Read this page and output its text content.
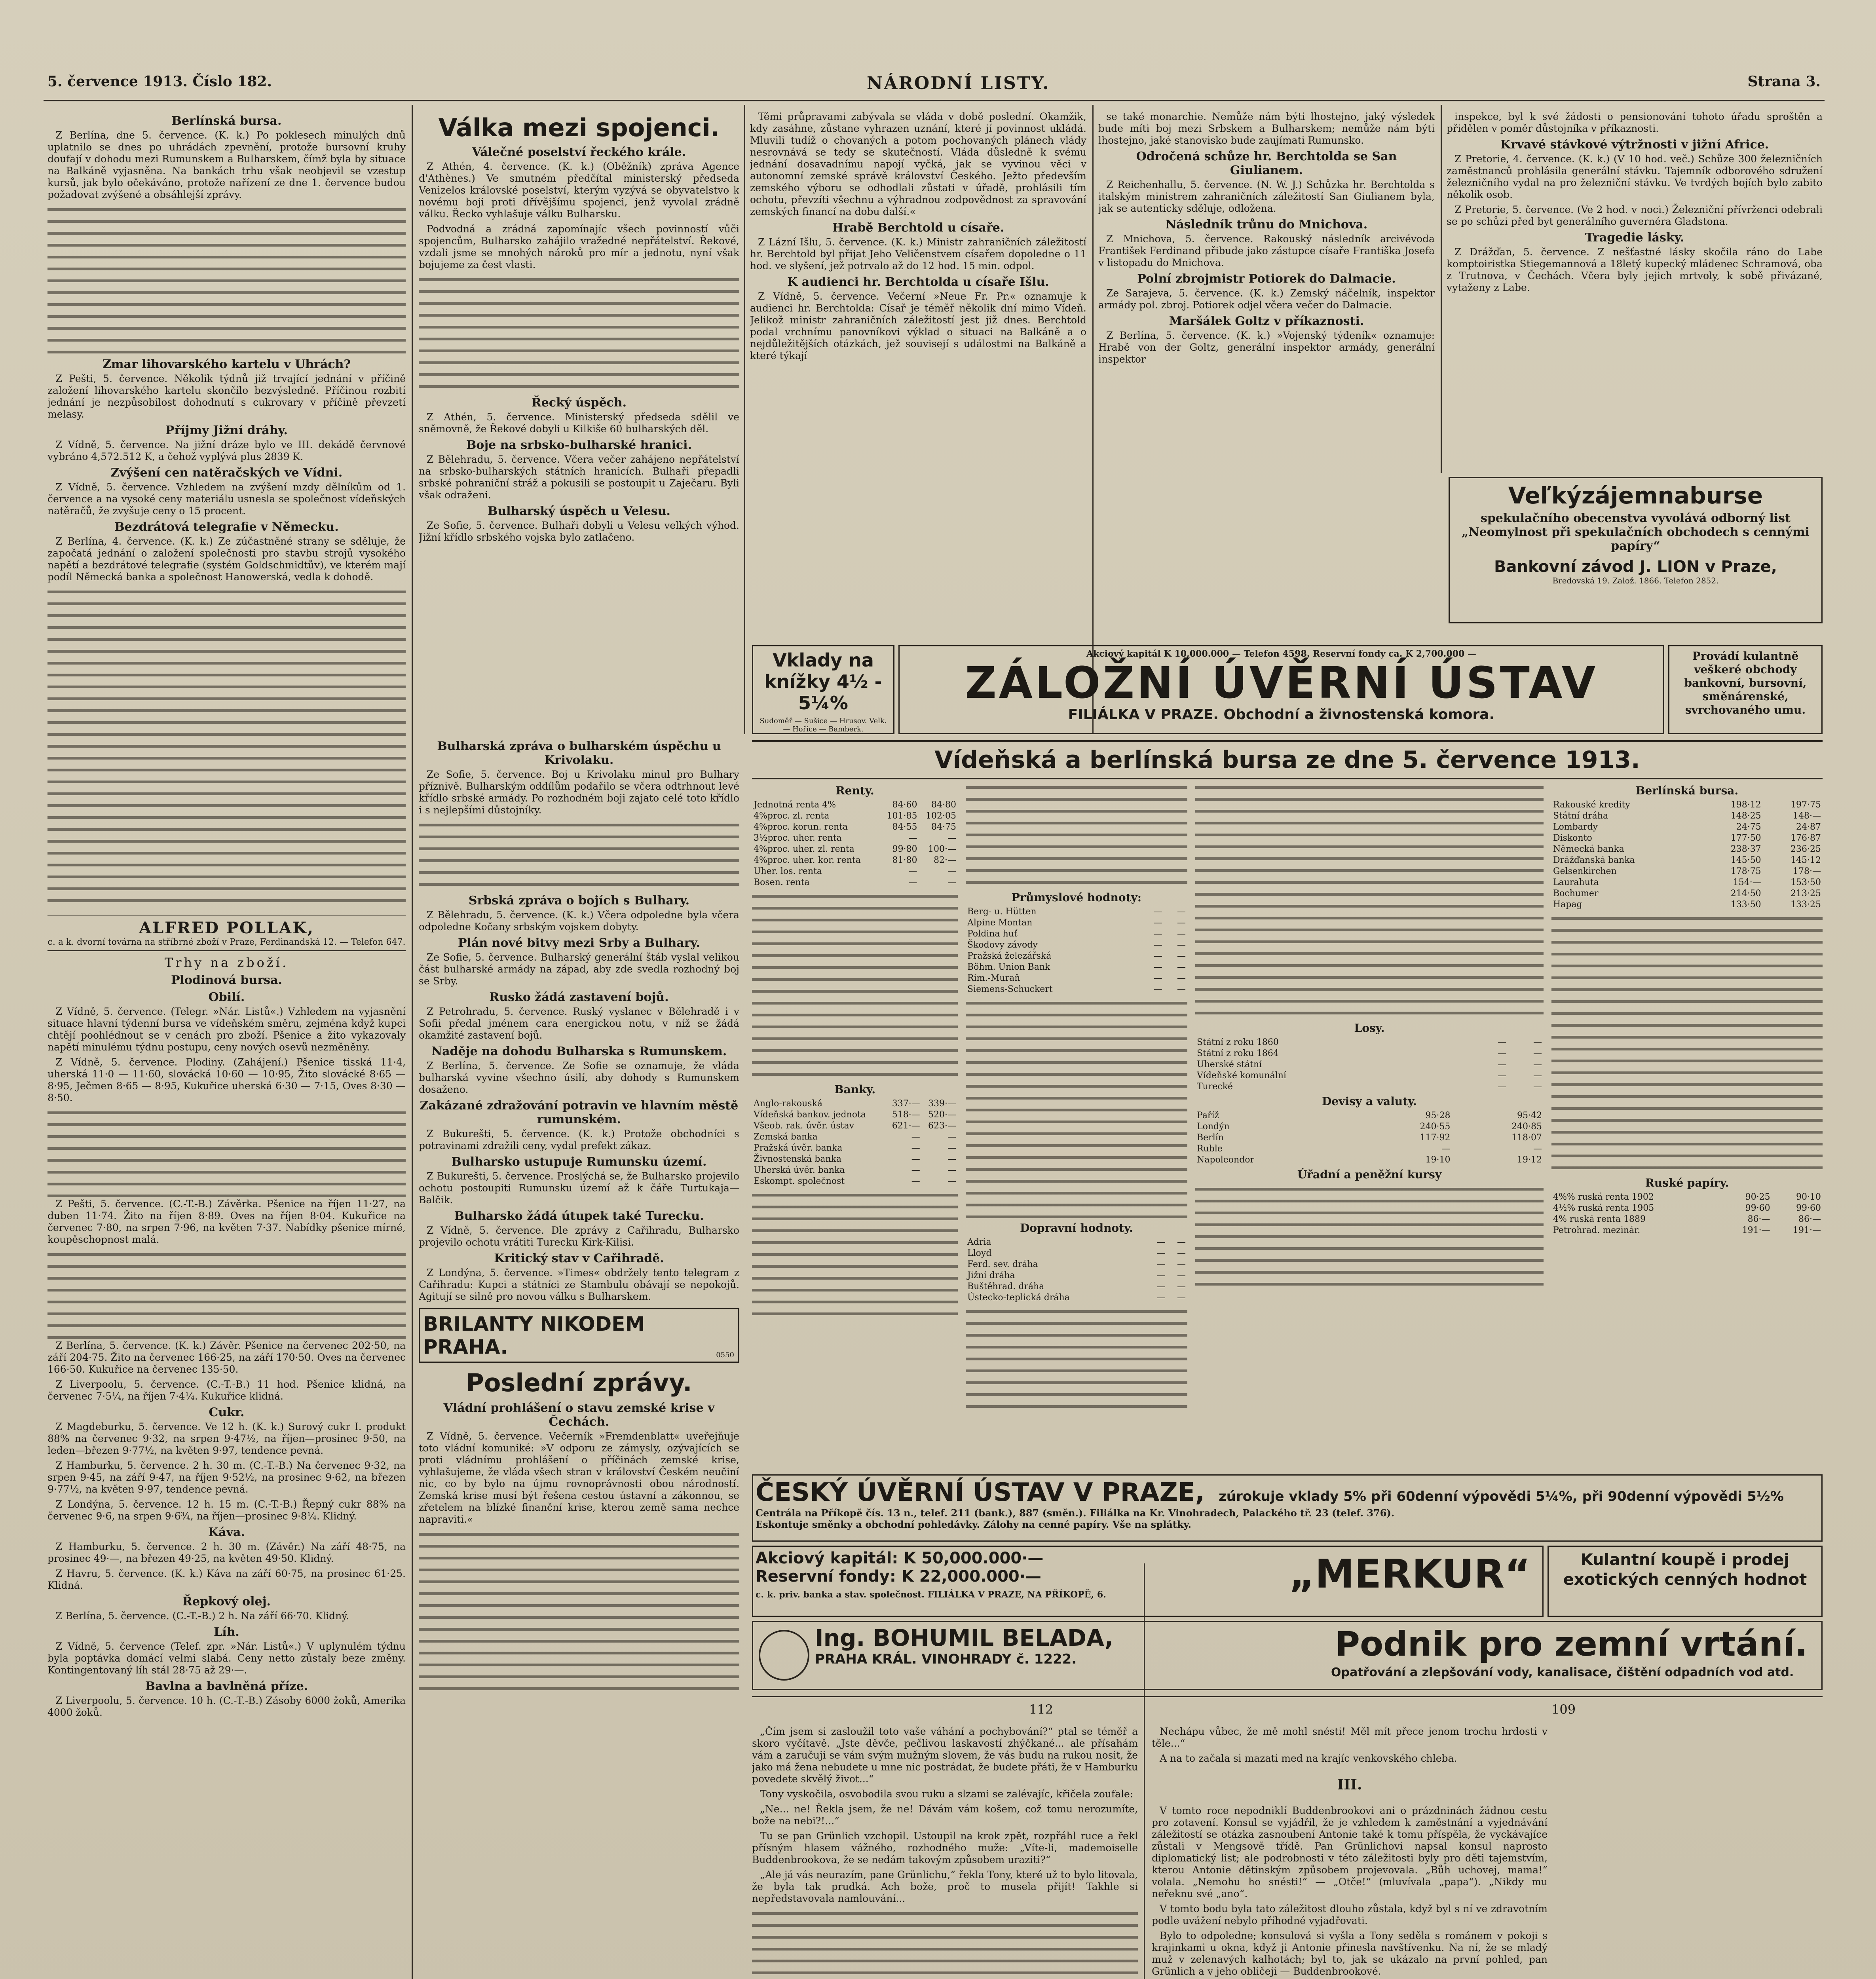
5. července 1913. Číslo 182.	NÁRODNÍ LISTY.	Strana 3.
Berlínská bursa.

Z Berlína, dne 5. července. (K. k.) Po poklesech minulých dnů uplatnilo se dnes po uhrádách zpevnění, protože bursovní kruhy doufají v dohodu mezi Rumunskem a Bulharskem, čímž byla by situace na Balkáně vyjasněna. Na bankách trhu však neobjevil se vzestup kursů, jak bylo očekáváno, protože nařízení ze dne 1. července budou požadovat zvýšené a obsáhlejší zprávy.

Zmar lihovarského kartelu v Uhrách?

Z Pešti, 5. července. Několik týdnů již trvající jednání v příčině založení lihovarského kartelu skončilo bezvýsledně. Příčinou rozbití jednání je nezpůsobilost dohodnutí s cukrovary v příčině převzetí melasy.

Příjmy Jižní dráhy.

Z Vídně, 5. července. Na jižní dráze bylo ve III. dekádě červnové vybráno 4,572.512 K, a čehož vyplývá plus 2839 K.

Zvýšení cen natěračských ve Vídni.

Z Vídně, 5. července. Vzhledem na zvýšení mzdy dělníkům od 1. července a na vysoké ceny materiálu usnesla se společnost vídeňských natěračů, že zvyšuje ceny o 15 procent.

Bezdrátová telegrafie v Německu.

Z Berlína, 4. července. (K. k.) Ze zúčastněné strany se sděluje, že započatá jednání o založení společnosti pro stavbu strojů vysokého napětí a bezdrátové telegrafie (systém Goldschmidtův), ve kterém mají podíl Německá banka a společnost Hanowerská, vedla k dohodě.

ALFRED POLLAK,
c. a k. dvorní továrna na stříbrné zboží v Praze, Ferdinandská 12. — Telefon 647.
Trhy na zboží.
Plodinová bursa.
Obilí.

Z Vídně, 5. července. (Telegr. »Nár. Listů«.) Vzhledem na vyjasnění situace hlavní týdenní bursa ve vídeňském směru, zejména když kupci chtějí poohlédnout se v cenách pro zboží. Pšenice a žito vykazovaly napětí minulému týdnu postupu, ceny nových osevů nezměněny.

Z Vídně, 5. července. Plodiny. (Zahájení.) Pšenice tisská 11·4, uherská 11·0 — 11·60, slovácká 10·60 — 10·95, Žito slovácké 8·65 — 8·95, Ječmen 8·65 — 8·95, Kukuřice uherská 6·30 — 7·15, Oves 8·30 — 8·50.

Z Pešti, 5. července. (C.-T.-B.) Závěrka. Pšenice na říjen 11·27, na duben 11·74. Žito na říjen 8·89. Oves na říjen 8·04. Kukuřice na červenec 7·80, na srpen 7·96, na květen 7·37. Nabídky pšenice mírné, koupěschopnost malá.

Z Berlína, 5. července. (K. k.) Závěr. Pšenice na červenec 202·50, na září 204·75. Žito na červenec 166·25, na září 170·50. Oves na červenec 166·50. Kukuřice na červenec 135·50.

Z Liverpoolu, 5. července. (C.-T.-B.) 11 hod. Pšenice klidná, na červenec 7·5¼, na říjen 7·4¼. Kukuřice klidná.

Cukr.

Z Magdeburku, 5. července. Ve 12 h. (K. k.) Surový cukr I. produkt 88% na červenec 9·32, na srpen 9·47½, na říjen—prosinec 9·50, na leden—březen 9·77½, na květen 9·97, tendence pevná.

Z Hamburku, 5. července. 2 h. 30 m. (C.-T.-B.) Na červenec 9·32, na srpen 9·45, na září 9·47, na říjen 9·52½, na prosinec 9·62, na březen 9·77½, na květen 9·97, tendence pevná.

Z Londýna, 5. července. 12 h. 15 m. (C.-T.-B.) Řepný cukr 88% na červenec 9·6, na srpen 9·6¾, na říjen—prosinec 9·8¼. Klidný.

Káva.

Z Hamburku, 5. července. 2 h. 30 m. (Závěr.) Na září 48·75, na prosinec 49·—, na březen 49·25, na květen 49·50. Klidný.

Z Havru, 5. července. (K. k.) Káva na září 60·75, na prosinec 61·25. Klidná.

Řepkový olej.

Z Berlína, 5. července. (C.-T.-B.) 2 h. Na září 66·70. Klidný.

Líh.

Z Vídně, 5. července (Telef. zpr. »Nár. Listů«.) V uplynulém týdnu byla poptávka domácí velmi slabá. Ceny netto zůstaly beze změny. Kontingentovaný líh stál 28·75 až 29·—.

Bavlna a bavlněná příze.

Z Liverpoolu, 5. července. 10 h. (C.-T.-B.) Zásoby 6000 žoků, Amerika 4000 žoků.

Válka mezi spojenci.
Válečné poselství řeckého krále.

Z Athén, 4. července. (K. k.) (Oběžník) zpráva Agence d'Athènes.) Ve smutném předčítal ministerský předseda Venizelos královské poselství, kterým vyzývá se obyvatelstvo k novému boji proti dřívějšímu spojenci, jenž vyvolal zrádně válku. Řecko vyhlašuje válku Bulharsku.

Podvodná a zrádná zapomínajíc všech povinností vůči spojencům, Bulharsko zahájilo vražedné nepřátelství. Řekové, vzdali jsme se mnohých nároků pro mír a jednotu, nyní však bojujeme za čest vlasti.

Řecký úspěch.

Z Athén, 5. července. Ministerský předseda sdělil ve sněmovně, že Řekové dobyli u Kilkiše 60 bulharských děl.

Boje na srbsko-bulharské hranici.

Z Bělehradu, 5. července. Včera večer zahájeno nepřátelství na srbsko-bulharských státních hranicích. Bulhaři přepadli srbské pohraniční stráž a pokusili se postoupit u Zaječaru. Byli však odraženi.

Bulharský úspěch u Velesu.

Ze Sofie, 5. července. Bulhaři dobyli u Velesu velkých výhod. Jižní křídlo srbského vojska bylo zatlačeno.

Bulharská zpráva o bulharském úspěchu u Krivolaku.

Ze Sofie, 5. července. Boj u Krivolaku minul pro Bulhary příznivě. Bulharským oddílům podařilo se včera odtrhnout levé křídlo srbské armády. Po rozhodném boji zajato celé toto křídlo i s nejlepšími důstojníky.

Srbská zpráva o bojích s Bulhary.

Z Bělehradu, 5. července. (K. k.) Včera odpoledne byla včera odpoledne Kočany srbským vojskem dobyty.

Plán nové bitvy mezi Srby a Bulhary.

Ze Sofie, 5. července. Bulharský generální štáb vyslal velikou část bulharské armády na západ, aby zde svedla rozhodný boj se Srby.

Rusko žádá zastavení bojů.

Z Petrohradu, 5. července. Ruský vyslanec v Bělehradě i v Sofii předal jménem cara energickou notu, v níž se žádá okamžité zastavení bojů.

Naděje na dohodu Bulharska s Rumunskem.

Z Berlína, 5. července. Ze Sofie se oznamuje, že vláda bulharská vyvine všechno úsilí, aby dohody s Rumunskem dosaženo.

Zakázané zdražování potravin ve hlavním městě rumunském.

Z Bukurešti, 5. července. (K. k.) Protože obchodníci s potravinami zdražili ceny, vydal prefekt zákaz.

Bulharsko ustupuje Rumunsku území.

Z Bukurešti, 5. července. Proslýchá se, že Bulharsko projevilo ochotu postoupiti Rumunsku území až k čáře Turtukaja—Balčik.

Bulharsko žádá útupek také Turecku.

Z Vídně, 5. července. Dle zprávy z Cařihradu, Bulharsko projevilo ochotu vrátiti Turecku Kirk-Kilisi.

Kritický stav v Cařihradě.

Z Londýna, 5. července. »Times« obdržely tento telegram z Cařihradu: Kupci a státníci ze Stambulu obávají se nepokojů. Agitují se silně pro novou válku s Bulharskem.

BRILANTY NIKODEM PRAHA.	0550
Poslední zprávy.
Vládní prohlášení o stavu zemské krise v Čechách.

Z Vídně, 5. července. Večerník »Fremdenblatt« uveřejňuje toto vládní komuniké: »V odporu ze zámysly, ozývajících se proti vládnímu prohlášení o příčinách zemské krise, vyhlašujeme, že vláda všech stran v království Českém neučiní nic, co by bylo na újmu rovnoprávnosti obou národností. Zemská krise musí být řešena cestou ústavní a zákonnou, se zřetelem na blízké finanční krise, kterou země sama nechce napraviti.«

Těmi průpravami zabývala se vláda v době poslední. Okamžik, kdy zasáhne, zůstane vyhrazen uznání, které jí povinnost ukládá. Mluvili tudíž o chovaných a potom pochovaných plánech vlády nesrovnává se tedy se skutečností. Vláda důsledně k svému jednání dosavadnímu napojí vyčká, jak se vyvinou věci v autonomní zemské správě království Českého. Ježto především zemského výboru se odhodlali zůstati v úřadě, prohlásili tím ochotu, převzíti všechnu a výhradnou zodpovědnost za spravování zemských financí na dobu další.«

Hrabě Berchtold u císaře.

Z Lázní Išlu, 5. července. (K. k.) Ministr zahraničních záležitostí hr. Berchtold byl přijat Jeho Veličenstvem císařem dopoledne o 11 hod. ve slyšení, jež potrvalo až do 12 hod. 15 min. odpol.

K audienci hr. Berchtolda u císaře Išlu.

Z Vídně, 5. července. Večerní »Neue Fr. Pr.« oznamuje k audienci hr. Berchtolda: Císař je téměř několik dní mimo Vídeň. Jelikož ministr zahraničních záležitostí jest již dnes. Berchtold podal vrchnímu panovníkovi výklad o situaci na Balkáně a o nejdůležitějších otázkách, jež souvisejí s událostmi na Balkáně a které týkají

se také monarchie. Nemůže nám býti lhostejno, jaký výsledek bude míti boj mezi Srbskem a Bulharskem; nemůže nám býti lhostejno, jaké stanovisko bude zaujímati Rumunsko.

Odročená schůze hr. Berchtolda se San Giulianem.

Z Reichenhallu, 5. července. (N. W. J.) Schůzka hr. Berchtolda s italským ministrem zahraničních záležitostí San Giulianem byla, jak se autenticky sděluje, odložena.

Následník trůnu do Mnichova.

Z Mnichova, 5. července. Rakouský následník arcivévoda František Ferdinand přibude jako zástupce císaře Františka Josefa v listopadu do Mnichova.

Polní zbrojmistr Potiorek do Dalmacie.

Ze Sarajeva, 5. července. (K. k.) Zemský náčelník, inspektor armády pol. zbroj. Potiorek odjel včera večer do Dalmacie.

Maršálek Goltz v příkaznosti.

Z Berlína, 5. července. (K. k.) »Vojenský týdeník« oznamuje: Hrabě von der Goltz, generální inspektor armády, generální inspektor

inspekce, byl k své žádosti o pensionování tohoto úřadu sproštěn a přidělen v poměr důstojníka v příkaznosti.

Krvavé stávkové výtržnosti v jižní Africe.

Z Pretorie, 4. července. (K. k.) (V 10 hod. več.) Schůze 300 železničních zaměstnanců prohlásila generální stávku. Tajemník odborového sdružení železničního vydal na pro železniční stávku. Ve tvrdých bojích bylo zabito několik osob.

Z Pretorie, 5. července. (Ve 2 hod. v noci.) Železniční přívrženci odebrali se po schůzi před byt generálního guvernéra Gladstona.

Tragedie lásky.

Z Drážďan, 5. července. Z nešťastné lásky skočila ráno do Labe komptoiristka Stiegemannová a 18letý kupecký mládenec Schramová, oba z Trutnova, v Čechách. Včera byly jejich mrtvoly, k sobě přivázané, vytaženy z Labe.

Veľkýzájemnaburse
spekulačního obecenstva vyvolává odborný list „Neomylnost při spekulačních obchodech s cennými papíry“
Bankovní závod J. LION v Praze,
Bredovská 19. Založ. 1866. Telefon 2852.
Vklady na knížky 4½ - 5¼%
Sudoměř — Sušice — Hrusov. Velk. — Hořice — Bamberk.
Akciový kapitál K 10,000.000 — Telefon 4598. Reservní fondy ca. K 2,700.000 —
ZÁLOŽNÍ ÚVĚRNÍ ÚSTAV
FILIÁLKA V PRAZE. Obchodní a živnostenská komora.
Provádí kulantně veškeré obchody bankovní, bursovní, směnárenské, svrchovaného umu.
Vídeňská a berlínská bursa ze dne 5. července 1913.
Renty.
Jednotná renta 4%	84·60	84·80
4%proc. zl. renta	101·85	102·05
4%proc. korun. renta	84·55	84·75
3½proc. uher. renta	—	—
4%proc. uher. zl. renta	99·80	100·—
4%proc. uher. kor. renta	81·80	82·—
Uher. los. renta	—	—
Bosen. renta	—	—
Banky.
Anglo-rakouská	337·—	339·—
Vídeňská bankov. jednota	518·—	520·—
Všeob. rak. úvěr. ústav	621·—	623·—
Zemská banka	—	—
Pražská úvěr. banka	—	—
Živnostenská banka	—	—
Uherská úvěr. banka	—	—
Eskompt. společnost	—	—
Průmyslové hodnoty:
Berg- u. Hütten	—	—
Alpine Montan	—	—
Poldina huť	—	—
Škodovy závody	—	—
Pražská železářská	—	—
Böhm. Union Bank	—	—
Rim.-Muraň	—	—
Siemens-Schuckert	—	—
Dopravní hodnoty.
Adria	—	—
Lloyd	—	—
Ferd. sev. dráha	—	—
Jižní dráha	—	—
Buštěhrad. dráha	—	—
Ústecko-teplická dráha	—	—
Losy.
Státní z roku 1860	—	—
Státní z roku 1864	—	—
Uherské státní	—	—
Vídeňské komunální	—	—
Turecké	—	—
Devisy a valuty.
Paříž	95·28	95·42
Londýn	240·55	240·85
Berlín	117·92	118·07
Ruble	—	—
Napoleondor	19·10	19·12
Úřadní a peněžní kursy
Berlínská bursa.
Rakouské kredity	198·12	197·75
Státní dráha	148·25	148·—
Lombardy	24·75	24·87
Diskonto	177·50	176·87
Německá banka	238·37	236·25
Drážďanská banka	145·50	145·12
Gelsenkirchen	178·75	178·—
Laurahuta	154·—	153·50
Bochumer	214·50	213·25
Hapag	133·50	133·25
Ruské papíry.
4%% ruská renta 1902	90·25	90·10
4½% ruská renta 1905	99·60	99·60
4% ruská renta 1889	86·—	86·—
Petrohrad. mezinár.	191·—	191·—
ČESKÝ ÚVĚRNÍ ÚSTAV V PRAZE, zúrokuje vklady 5% při 60denní výpovědi 5¼%, při 90denní výpovědi 5½%
Centrála na Příkopě čís. 13 n., telef. 211 (bank.), 887 (směn.). Filiálka na Kr. Vinohradech, Palackého tř. 23 (telef. 376).
Eskontuje směnky a obchodní pohledávky. Zálohy na cenné papíry. Vše na splátky.
Akciový kapitál: K 50,000.000·—
Reservní fondy: K 22,000.000·—	„MERKUR“
c. k. priv. banka a stav. společnost. FILIÁLKA V PRAZE, NA PŘÍKOPĚ, 6.
Kulantní koupě i prodej exotických cenných hodnot
Ing. BOHUMIL BELADA,
PRAHA KRÁL. VINOHRADY č. 1222.	Podnik pro zemní vrtání.
Opatřování a zlepšování vody, kanalisace, čištění odpadních vod atd.
112	109

„Čím jsem si zasloužil toto vaše váhání a pochybování?“ ptal se téměř a skoro vyčítavě. „Jste děvče, pečlivou laskavostí zhýčkané... ale přísahám vám a zaručuji se vám svým mužným slovem, že vás budu na rukou nosit, že jako má žena nebudete u mne nic postrádat, že budete přáti, že v Hamburku povedete skvělý život...“

Tony vyskočila, osvobodila svou ruku a slzami se zalévajíc, křičela zoufale:

„Ne... ne! Řekla jsem, že ne! Dávám vám košem, což tomu nerozumíte, bože na nebi?!...“

Tu se pan Grünlich vzchopil. Ustoupil na krok zpět, rozpřáhl ruce a řekl přísným hlasem vážného, rozhodného muže: „Víte-li, mademoiselle Buddenbrookova, že se nedám takovým způsobem uraziti?“

„Ale já vás neurazím, pane Grünlichu,“ řekla Tony, které už to bylo litovala, že byla tak prudká. Ach bože, proč to musela přijít! Takhle si nepředstavovala namlouvání...

Nechápu vůbec, že mě mohl snésti! Měl mít přece jenom trochu hrdosti v těle...“

A na to začala si mazati med na krajíc venkovského chleba.

III.

V tomto roce nepodniklí Buddenbrookovi ani o prázdninách žádnou cestu pro zotavení. Konsul se vyjádřil, že je vzhledem k zaměstnání a vyjednávání záležitostí se otázka zasnoubení Antonie také k tomu příspěla, že vyckávajíce zůstali v Mengsově třídě. Pan Grünlichovi napsal konsul naprosto diplomatický list; ale podrobnosti v této záležitosti byly pro děti tajemstvím, kterou Antonie dětinským způsobem projevovala. „Bůh uchovej, mama!“ volala. „Nemohu ho snésti!“ — „Otče!“ (mluvívala „papa“). „Nikdy mu neřeknu své „ano“.

V tomto bodu byla tato záležitost dlouho zůstala, když byl s ní ve zdravotním podle uvážení nebylo příhodné vyjadřovati.

Bylo to odpoledne; konsulová si vyšla a Tony seděla s románem v pokoji s krajinkami u okna, když ji Antonie přinesla navštívenku. Na ní, že se mladý muž v zelenavých kalhotách; byl to, jak se ukázalo na první pohled, pan Grünlich a v jeho obličeji — Buddenbrookové.
